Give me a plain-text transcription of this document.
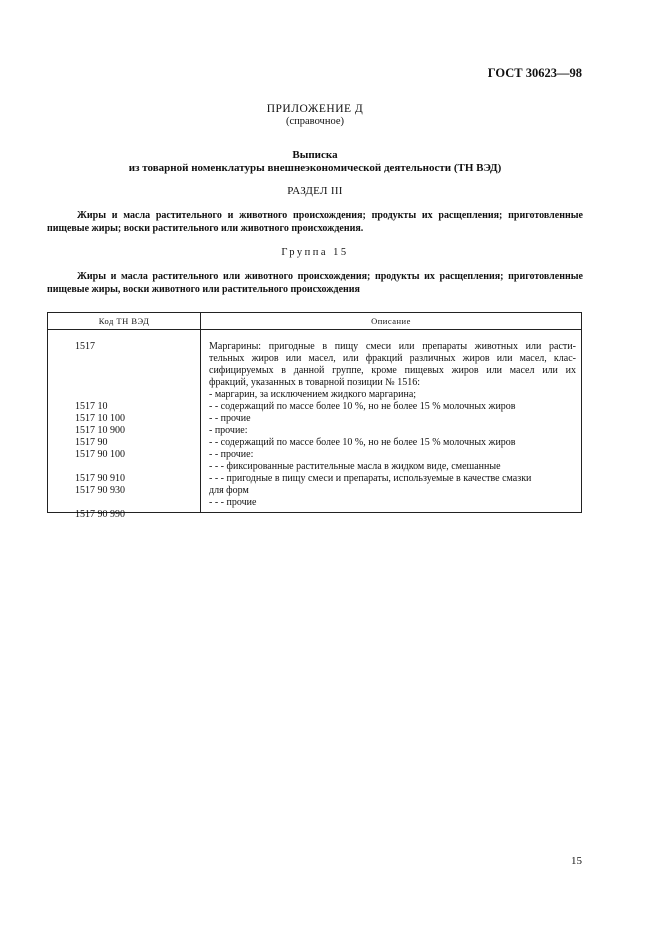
ГОСТ 30623—98
ПРИЛОЖЕНИЕ Д
(справочное)
Выписка
из товарной номенклатуры внешнеэкономической деятельности (ТН ВЭД)
РАЗДЕЛ III
Жиры и масла растительного и животного происхождения; продукты их расщепления; приготовленные пищевые жиры; воски растительного или животного происхождения.
Группа 15
Жиры и масла растительного или животного происхождения; продукты их расщепления; приготовленные пищевые жиры, воски животного или растительного происхождения
Код ТН ВЭД	Описание
1517
1517 10
1517 10 100
1517 10 900
1517 90
1517 90 100
1517 90 910
1517 90 930
1517 90 990
Маргарины: пригодные в пищу смеси или препараты животных или расти-
тельных жиров или масел, или фракций различных жиров или масел, клас-
сифицируемых в данной группе, кроме пищевых жиров или масел или их
фракций, указанных в товарной позиции № 1516:
- маргарин, за исключением жидкого маргарина;
- - содержащий по массе более 10 %, но не более 15 % молочных жиров
- - прочие
- прочие:
- - содержащий по массе более 10 %, но не более 15 % молочных жиров
- - прочие:
- - - фиксированные растительные масла в жидком виде, смешанные
- - - пригодные в пищу смеси и препараты, используемые в качестве смазки
для форм
- - - прочие
15
